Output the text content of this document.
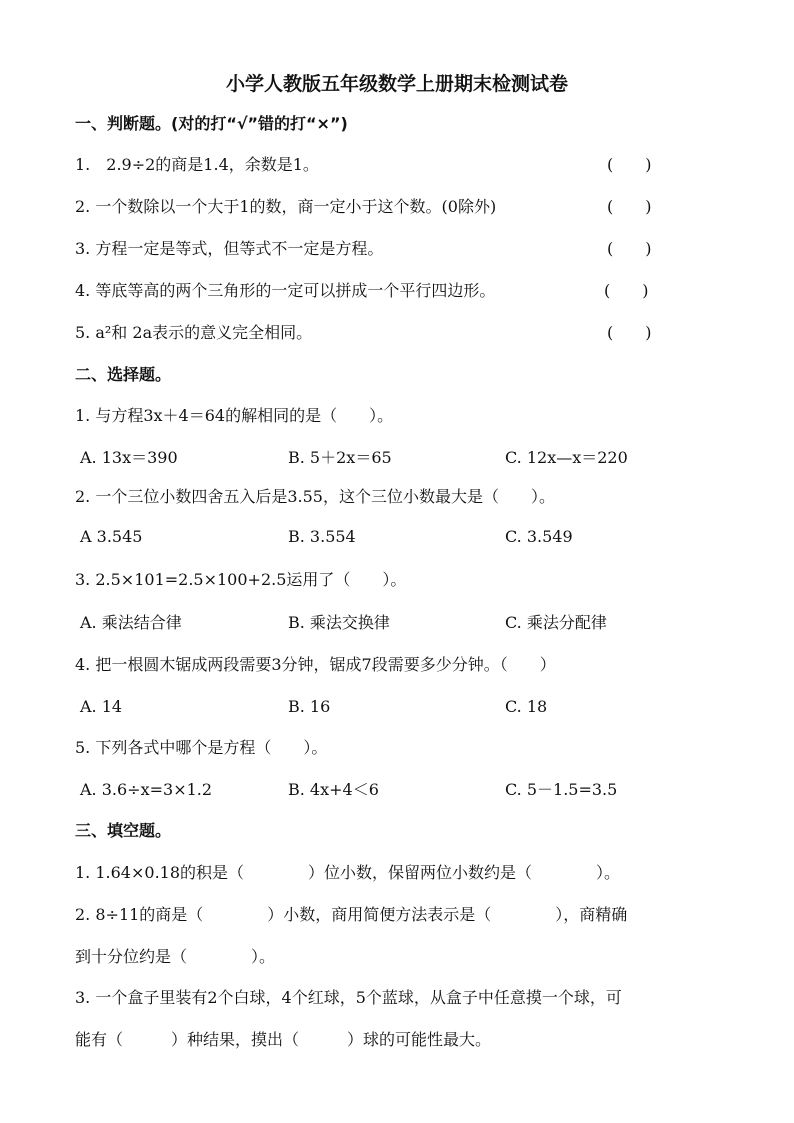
小学人教版五年级数学上册期末检测试卷
一、判断题。(对的打“√”错的打“×”)
1.　2.9÷2的商是1.4，余数是1。	(　　)
2. 一个数除以一个大于1的数，商一定小于这个数。(0除外)	(　　)
3. 方程一定是等式，但等式不一定是方程。	(　　)
4. 等底等高的两个三角形的一定可以拼成一个平行四边形。	(　　)
5. a²和 2a表示的意义完全相同。	(　　)
二、选择题。
1. 与方程3x＋4＝64的解相同的是（　　）。
A. 13x＝390	B. 5＋2x＝65	C. 12x—x＝220
2. 一个三位小数四舍五入后是3.55，这个三位小数最大是（　　）。
A 3.545	B. 3.554	C. 3.549
3. 2.5×101=2.5×100+2.5运用了（　　）。
A. 乘法结合律	B. 乘法交换律	C. 乘法分配律
4. 把一根圆木锯成两段需要3分钟，锯成7段需要多少分钟。（　　）
A. 14	B. 16	C. 18
5. 下列各式中哪个是方程（　　）。
A. 3.6÷x=3×1.2	B. 4x+4＜6	C. 5－1.5=3.5
三、填空题。
1. 1.64×0.18的积是（　　　　）位小数，保留两位小数约是（　　　　）。
2. 8÷11的商是（　　　　）小数，商用简便方法表示是（　　　　），商精确
到十分位约是（　　　　）。
3. 一个盒子里装有2个白球，4个红球，5个蓝球，从盒子中任意摸一个球，可
能有（　　　）种结果，摸出（　　　）球的可能性最大。
